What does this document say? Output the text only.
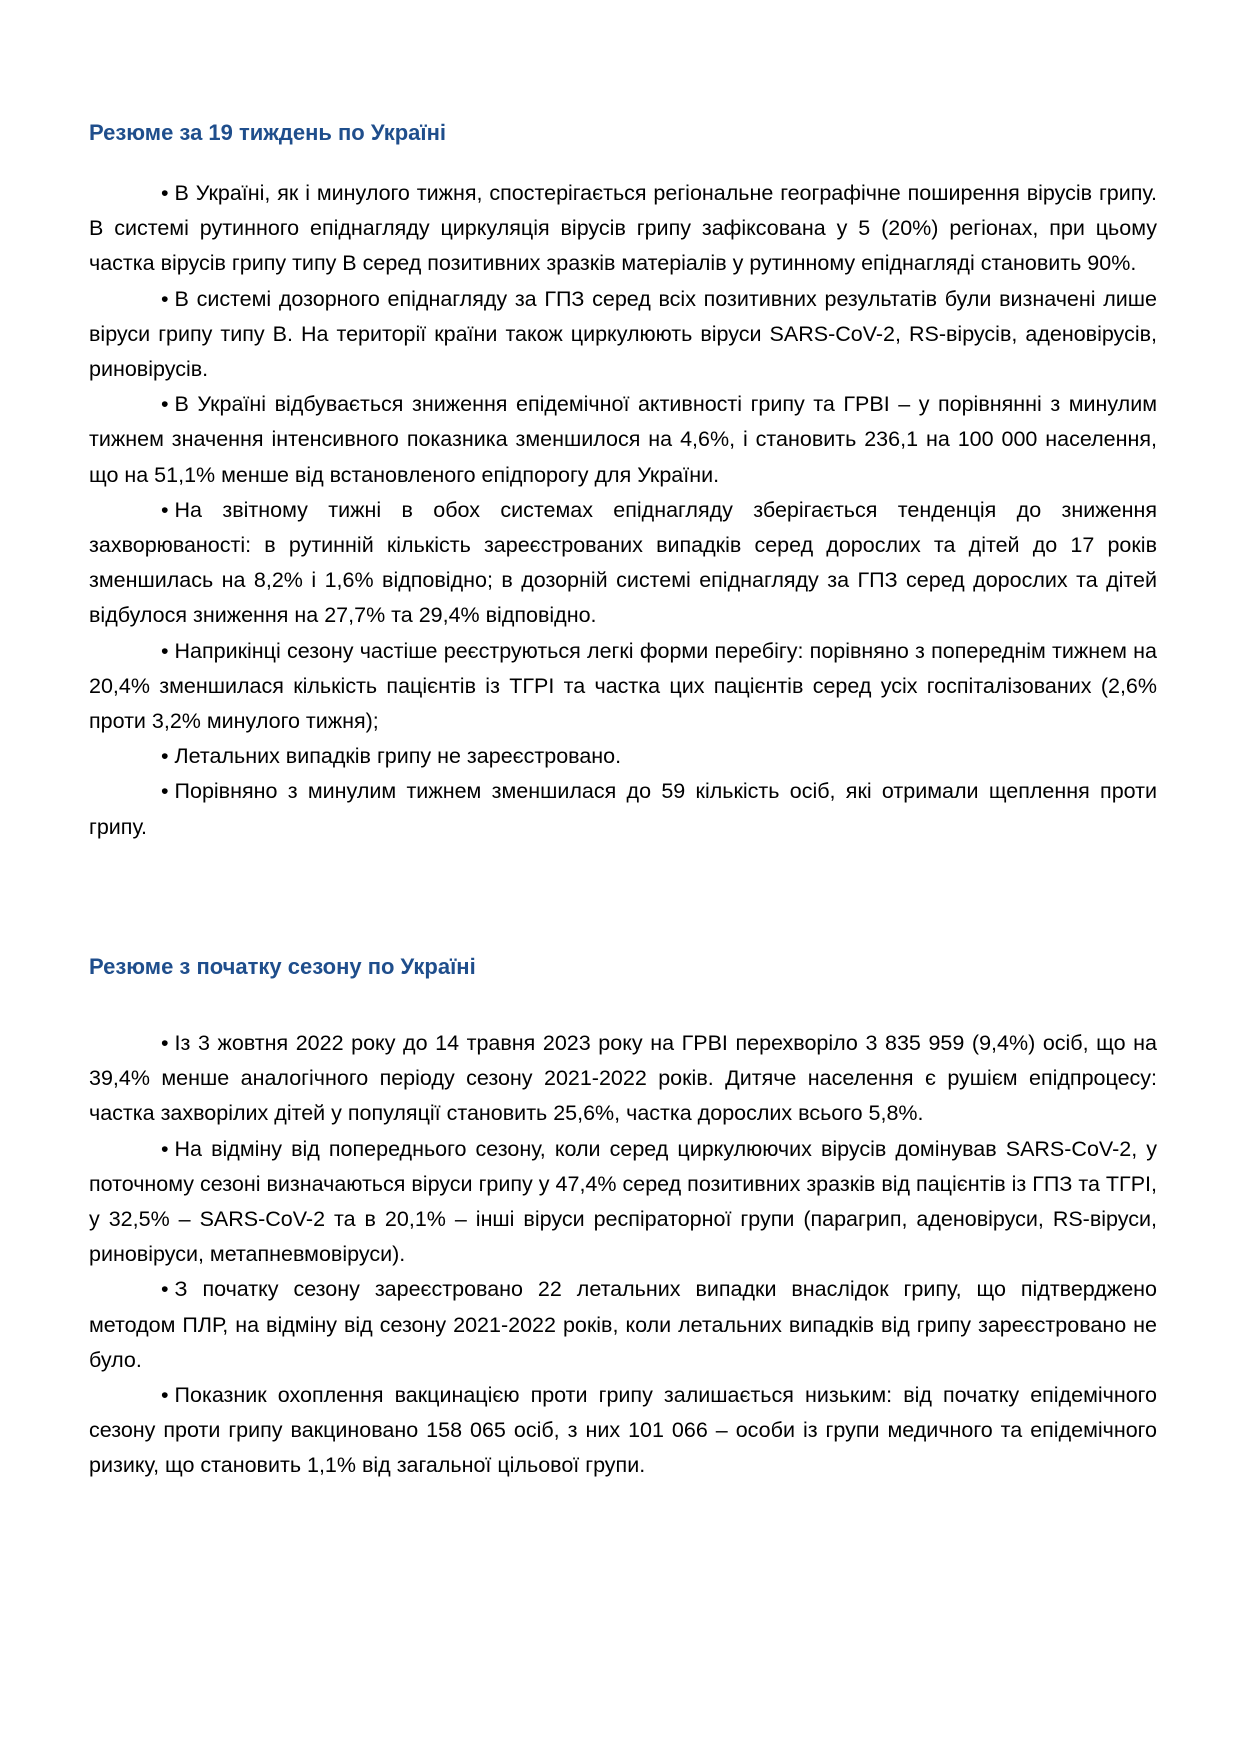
Резюме за 19 тиждень по Україні

• В Україні, як і минулого тижня, спостерігається регіональне географічне поширення вірусів грипу. В системі рутинного епіднагляду циркуляція вірусів грипу зафіксована у 5 (20%) регіонах, при цьому частка вірусів грипу типу В серед позитивних зразків матеріалів у рутинному епіднагляді становить 90%.

• В системі дозорного епіднагляду за ГПЗ серед всіх позитивних результатів були визначені лише віруси грипу типу В. На території країни також циркулюють віруси SARS-CoV-2, RS-вірусів, аденовірусів, риновірусів.

• В Україні відбувається зниження епідемічної активності грипу та ГРВІ – у порівнянні з минулим тижнем значення інтенсивного показника зменшилося на 4,6%, і становить 236,1 на 100 000 населення, що на 51,1% менше від встановленого епідпорогу для України.

• На звітному тижні в обох системах епіднагляду зберігається тенденція до зниження захворюваності: в рутинній кількість зареєстрованих випадків серед дорослих та дітей до 17 років зменшилась на 8,2% і 1,6% відповідно; в дозорній системі епіднагляду за ГПЗ серед дорослих та дітей відбулося зниження на 27,7% та 29,4% відповідно.

• Наприкінці сезону частіше реєструються легкі форми перебігу: порівняно з попереднім тижнем на 20,4% зменшилася кількість пацієнтів із ТГРІ та частка цих пацієнтів серед усіх госпіталізованих (2,6% проти 3,2% минулого тижня);

• Летальних випадків грипу не зареєстровано.

• Порівняно з минулим тижнем зменшилася до 59 кількість осіб, які отримали щеплення проти грипу.

Резюме з початку сезону по Україні

• Із 3 жовтня 2022 року до 14 травня 2023 року на ГРВІ перехворіло 3 835 959 (9,4%) осіб, що на 39,4% менше аналогічного періоду сезону 2021-2022 років. Дитяче населення є рушієм епідпроцесу: частка захворілих дітей у популяції становить 25,6%, частка дорослих всього 5,8%.

• На відміну від попереднього сезону, коли серед циркулюючих вірусів домінував SARS-CoV-2, у поточному сезоні визначаються віруси грипу у 47,4% серед позитивних зразків від пацієнтів із ГПЗ та ТГРІ, у 32,5% – SARS-CoV-2 та в 20,1% – інші віруси респіраторної групи (парагрип, аденовіруси, RS-віруси, риновіруси, метапневмовіруси).

• З початку сезону зареєстровано 22 летальних випадки внаслідок грипу, що підтверджено методом ПЛР, на відміну від сезону 2021-2022 років, коли летальних випадків від грипу зареєстровано не було.

• Показник охоплення вакцинацією проти грипу залишається низьким: від початку епідемічного сезону проти грипу вакциновано 158 065 осіб, з них 101 066 – особи із групи медичного та епідемічного ризику, що становить 1,1% від загальної цільової групи.
